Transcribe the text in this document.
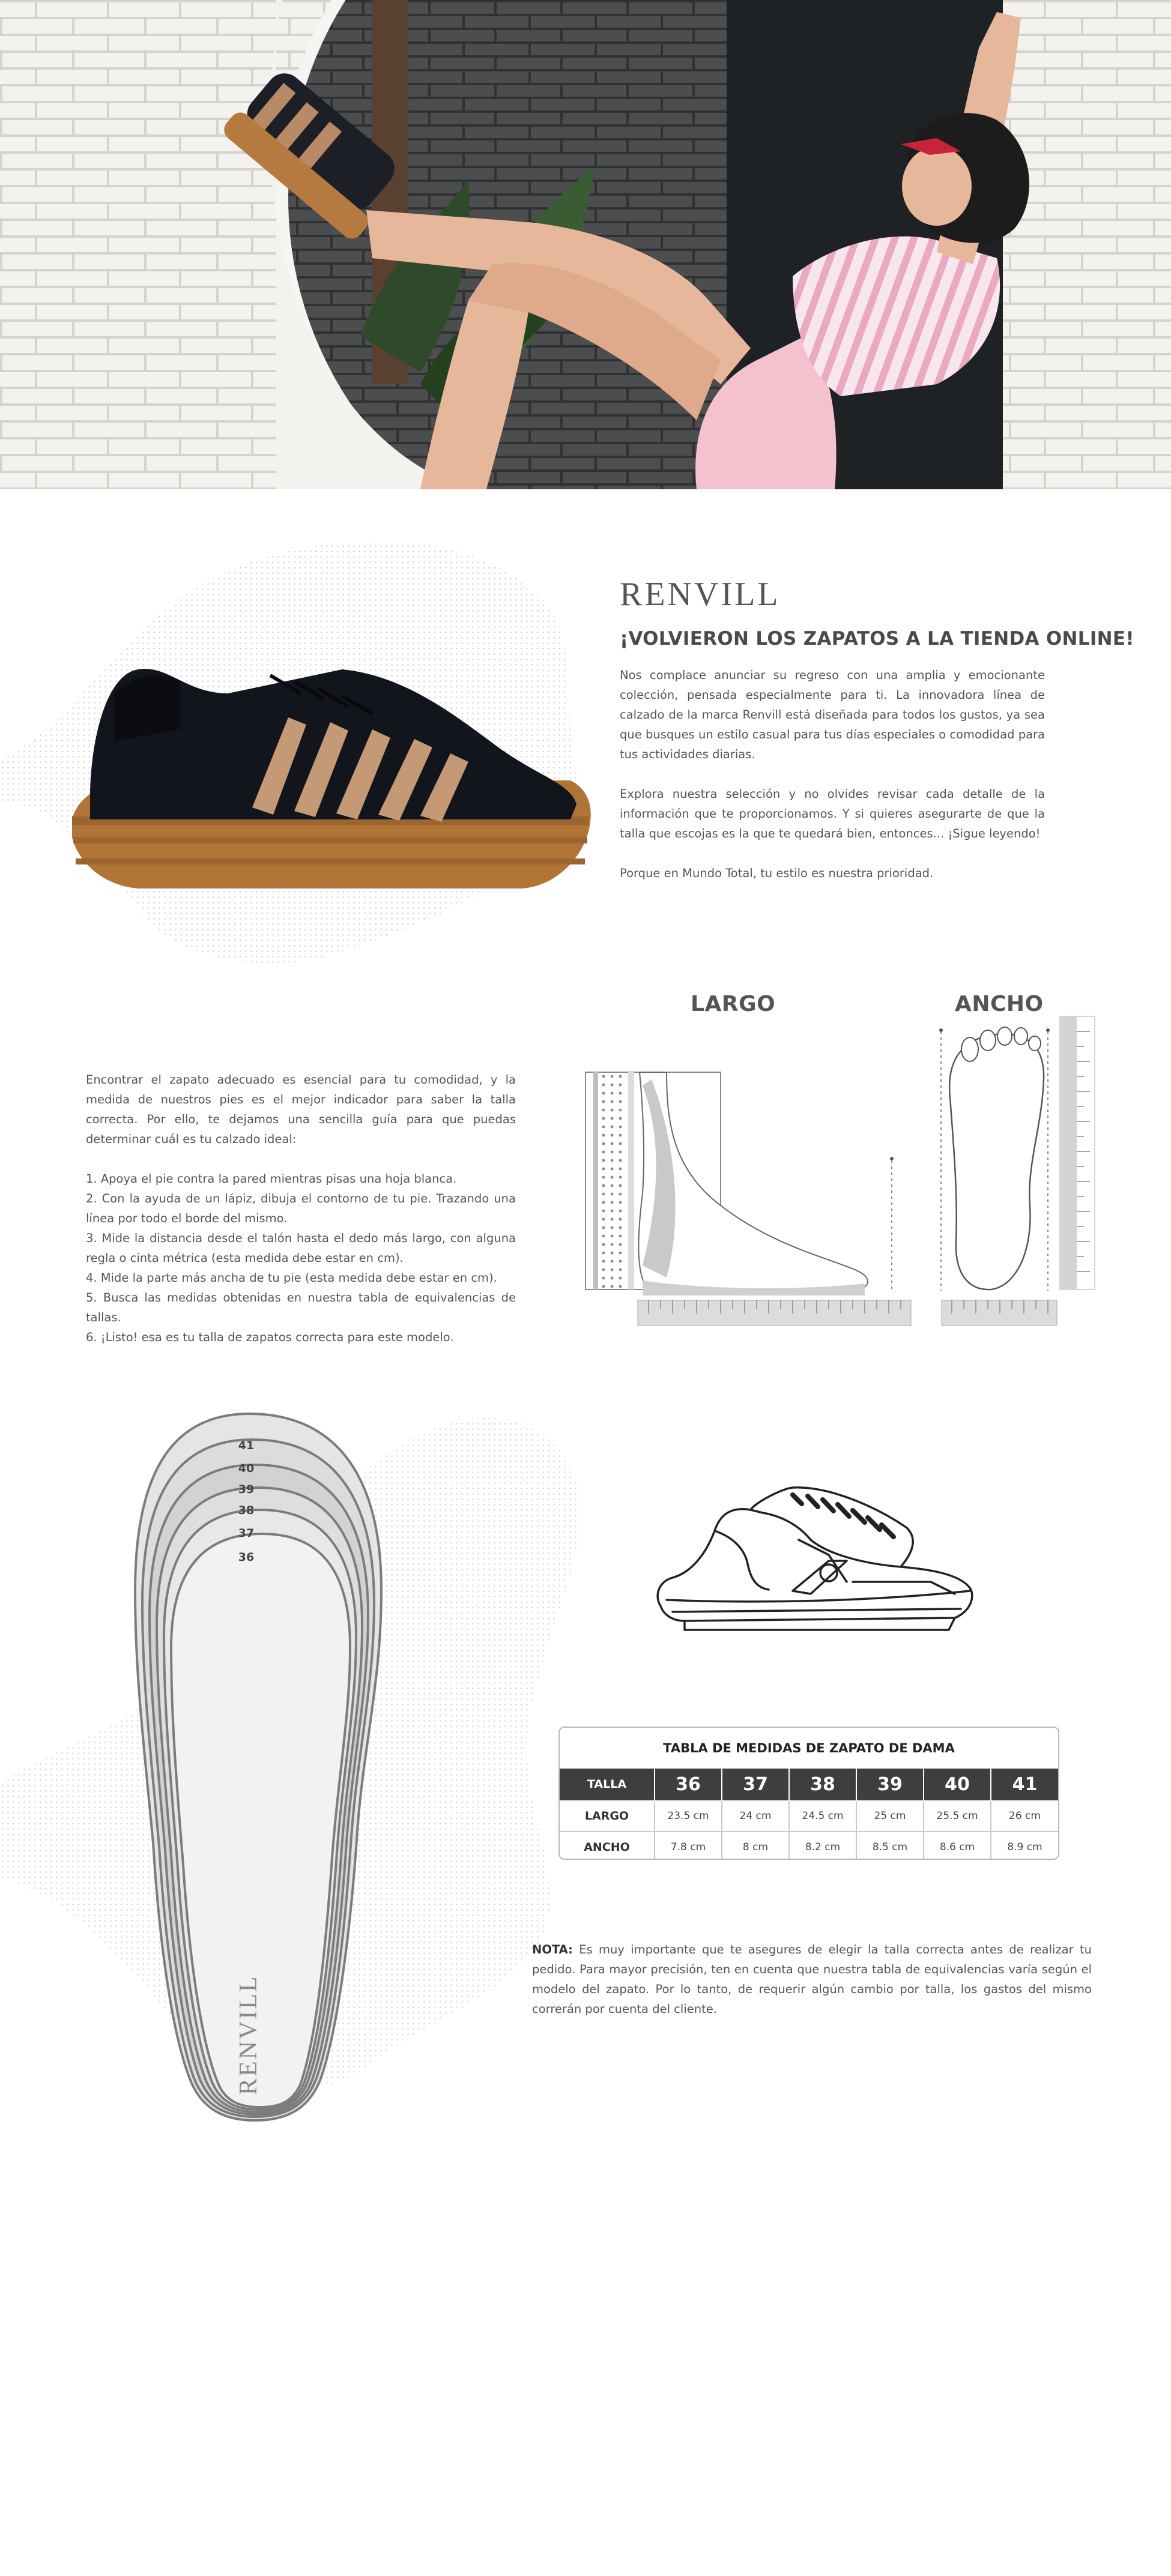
RENVILL
¡VOLVIERON LOS ZAPATOS A LA TIENDA ONLINE!

Nos complace anunciar su regreso con una amplia y emocionante colección, pensada especialmente para ti. La innovadora línea de calzado de la marca Renvill está diseñada para todos los gustos, ya sea que busques un estilo casual para tus días especiales o comodidad para tus actividades diarias.

Explora nuestra selección y no olvides revisar cada detalle de la información que te proporcionamos. Y si quieres asegurarte de que la talla que escojas es la que te quedará bien, entonces... ¡Sigue leyendo!

Porque en Mundo Total, tu estilo es nuestra prioridad.

Encontrar el zapato adecuado es esencial para tu comodidad, y la medida de nuestros pies es el mejor indicador para saber la talla correcta. Por ello, te dejamos una sencilla guía para que puedas determinar cuál es tu calzado ideal:

1. Apoya el pie contra la pared mientras pisas una hoja blanca.

2. Con la ayuda de un lápiz, dibuja el contorno de tu pie. Trazando una línea por todo el borde del mismo.

3. Mide la distancia desde el talón hasta el dedo más largo, con alguna regla o cinta métrica (esta medida debe estar en cm).

4. Mide la parte más ancha de tu pie (esta medida debe estar en cm).

5. Busca las medidas obtenidas en nuestra tabla de equivalencias de tallas.

6. ¡Listo! esa es tu talla de zapatos correcta para este modelo.

LARGO	ANCHO
41
40
39
38
37
36
RENVILL
TABLA DE MEDIDAS DE ZAPATO DE DAMA
TALLA	36	37	38	39	40	41
LARGO	23.5 cm	24 cm	24.5 cm	25 cm	25.5 cm	26 cm
ANCHO	7.8 cm	8 cm	8.2 cm	8.5 cm	8.6 cm	8.9 cm

NOTA: Es muy importante que te asegures de elegir la talla correcta antes de realizar tu pedido. Para mayor precisión, ten en cuenta que nuestra tabla de equivalencias varía según el modelo del zapato. Por lo tanto, de requerir algún cambio por talla, los gastos del mismo correrán por cuenta del cliente.
